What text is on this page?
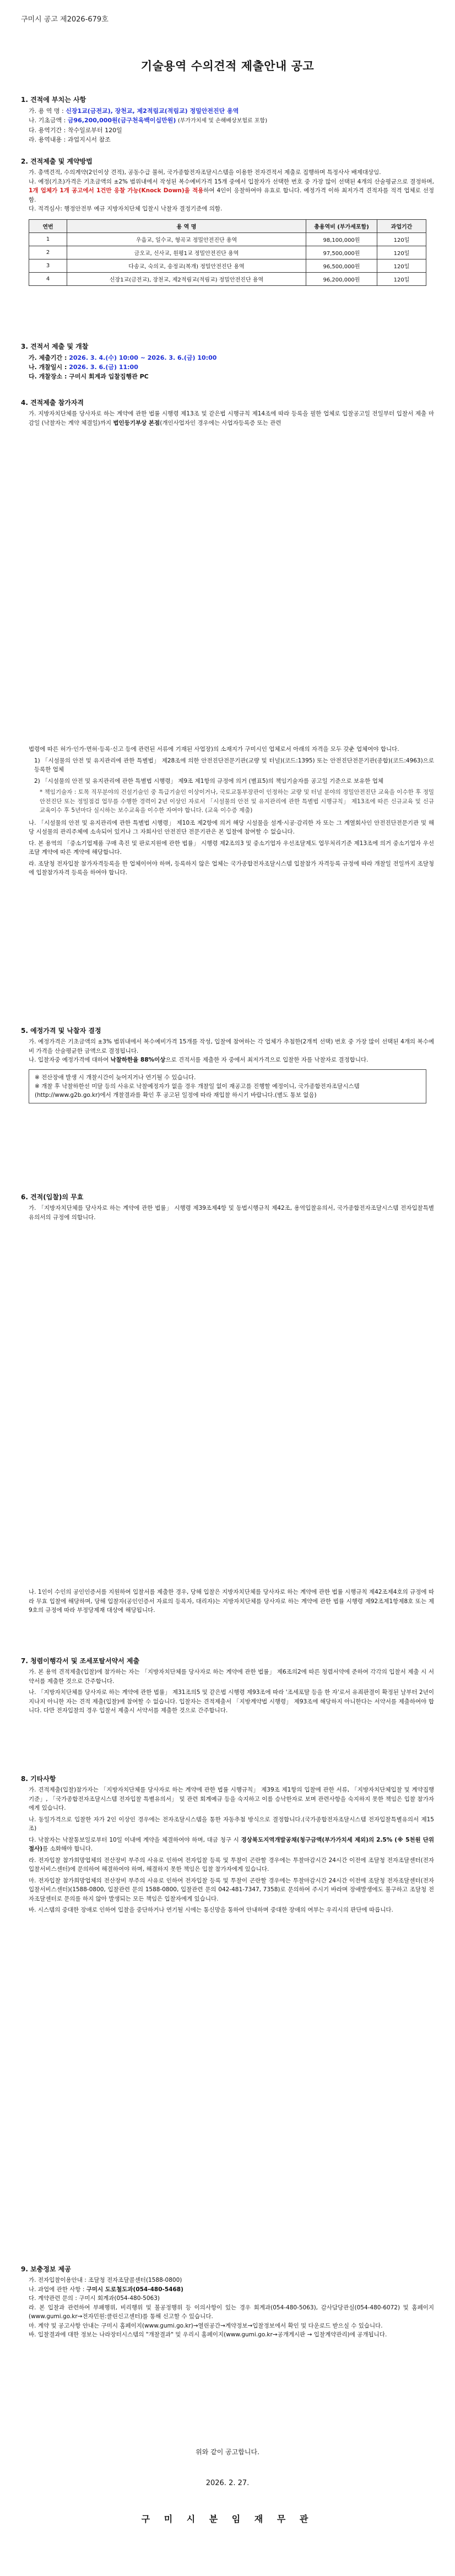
구미시 공고 제2026-679호
기술용역 수의견적 제출안내 공고
1. 견적에 부치는 사항
가. 용 역 명 : 신장1교(금전교), 장천교, 제2적림교(적림교) 정밀안전진단 용역
나. 기초금액 : 금96,200,000원(금구천육백이십만원) (부가가치세 및 손해배상보험료 포함)
다. 용역기간 : 착수일로부터 120일
라. 용역내용 : 과업지시서 참조
2. 견적제출 및 계약방법
가. 총액견적, 수의계약(2인이상 견적), 공동수급 불허, 국가종합전자조달시스템을 이용한 전자견적서 제출로 집행하며 특정사사 배제대상임.
나. 예정(기초)가격은 기초금액의 ±2% 범위내에서 작성된 복수예비가격 15개 중에서 입찰자가 선택한 번호 중 가장 많이 선택된 4개의 산술평균으로 결정하며, 1개 업체가 1개 공고에서 1건만 응찰 가능(Knock Down)을 적용하여 4인이 응찰하여야 유효로 합니다. 예정가격 이하 최저가격 견적자를 적격 업체로 선정함.
다. 적격심사: 행정안전부 예규 지방자치단체 입찰시 낙찰자 결정기준에 의함.
연번	용 역 명	총용역비 (부가세포함)	과업기간
1	우읍교, 일수교, 형곡교 정밀안전진단 용역	98,100,000원	120일
2	금오교, 신사교, 원평1교 정밀안전진단 용역	97,500,000원	120일
3	다송교, 숙의교, 송정교(복개) 정밀안전진단 용역	96,500,000원	120일
4	신장1교(금전교), 장천교, 제2적림교(적림교) 정밀안전진단 용역	96,200,000원	120일
3. 견적서 제출 및 개찰
가. 제출기간 : 2026. 3. 4.(수) 10:00 ~ 2026. 3. 6.(금) 10:00
나. 개찰일시 : 2026. 3. 6.(금) 11:00
다. 개찰장소 : 구미시 회계과 입찰집행관 PC
4. 견적제출 참가자격
가. 지방자치단체를 당사자로 하는 계약에 관한 법률 시행령 제13조 및 같은법 시행규칙 제14조에 따라 등록을 필한 업체로 입찰공고일 전일부터 입찰서 제출 마감일 (낙찰자는 계약 체결일)까지 법인등기부상 본점(개인사업자인 경우에는 사업자등록증 또는 관련
법령에 따른 허가·인가·면허·등록·신고 등에 관련된 서류에 기재된 사업장)의 소재지가 구미시인 업체로서 아래의 자격을 모두 갖춘 업체여야 합니다.
1) 「시설물의 안전 및 유지관리에 관한 특별법」 제28조에 의한 안전진단전문기관(교량 및 터널)(코드:1395) 또는 안전진단전문기관(종합)(코드:4963)으로 등록한 업체
2) 「시설물의 안전 및 유지관리에 관한 특별법 시행령」 제9조 제1항의 규정에 의거 (별표5)의 책임기술자를 공고일 기준으로 보유한 업체
* 책임기술자 : 토목 직무분야의 건설기술인 중 특급기술인 이상이거나, 국토교통부장관이 인정하는 교량 및 터널 분야의 정밀안전진단 교육을 이수한 후 정밀안전진단 또는 정밀점검 업무를 수행한 경력이 2년 이상인 자로서 「시설물의 안전 및 유지관리에 관한 특별법 시행규칙」 제13조에 따른 신규교육 및 신규교육이수 후 5년마다 실시하는 보수교육을 이수한 자여야 합니다. (교육 이수증 제출)
나. 「시설물의 안전 및 유지관리에 관한 특별법 시행령」 제10조 제2항에 의거 해당 시설물을 설계·시공·감리한 자 또는 그 계열회사인 안전진단전문기관 및 해당 시설물의 관리주체에 소속되어 있거나 그 자회사인 안전진단 전문기관은 본 입찰에 참여할 수 없습니다.
다. 본 용역의 「중소기업제품 구매 촉진 및 판로지원에 관한 법률」 시행령 제2조의3 및 중소기업자 우선조달제도 업무처리기준 제13조에 의거 중소기업자 우선조달 계약에 따른 계약에 해당합니다.
라. 조달청 전자입찰 참가자격등록을 한 업체이어야 하며, 등록하지 않은 업체는 국가종합전자조달시스템 입찰참가 자격등록 규정에 따라 개찰일 전일까지 조달청에 입찰참가자격 등록을 하여야 합니다.
5. 예정가격 및 낙찰자 결정
가. 예정가격은 기초금액의 ±3% 범위내에서 복수예비가격 15개를 작성, 입찰에 참여하는 각 업체가 추첨한(2개씩 선택) 번호 중 가장 많이 선택된 4개의 복수예비 가격을 산술평균한 금액으로 결정됩니다.
나. 입찰자중 예정가격에 대하여 낙찰하한율 88%이상으로 견적서를 제출한 자 중에서 최저가격으로 입찰한 자를 낙찰자로 결정합니다.
※ 전산장애 발생 시 개찰시간이 늦어지거나 연기될 수 있습니다.
※ 개찰 후 낙찰하한선 미달 등의 사유로 낙찰예정자가 없을 경우 개찰일 없이 재공고를 진행할 예정이니, 국가종합전자조달시스템(http://www.g2b.go.kr)에서 개찰결과를 확인 후 공고된 일정에 따라 재입찰 하시기 바랍니다.(별도 통보 없음)
6. 견적(입찰)의 무효
가. 「지방자치단체를 당사자로 하는 계약에 관한 법률」 시행령 제39조제4항 및 동법시행규칙 제42조, 용역입찰유의서, 국가종합전자조달시스템 전자입찰특별유의서의 규정에 의합니다.
나. 1인이 수인의 공인인증서를 지원하여 입찰서를 제출한 경우, 당해 입찰은 지방자치단체를 당사자로 하는 계약에 관한 법률 시행규칙 제42조제4호의 규정에 따라 무효 입찰에 해당하며, 당해 입찰자(공인인증서 자료의 등록자, 대리자)는 지방자치단체를 당사자로 하는 계약에 관한 법률 시행령 제92조제1항제8호 또는 제9호의 규정에 따라 부정당제재 대상에 해당됩니다.
7. 청렴이행각서 및 조세포탈서약서 제출
가. 본 용역 견적제출(입찰)에 참가하는 자는 「지방자치단체를 당사자로 하는 계약에 관한 법률」 제6조의2에 따른 청렴서약에 준하여 각각의 입찰서 제출 시 서약서를 제출한 것으로 간주합니다.
나. 「지방자치단체를 당사자로 하는 계약에 관한 법률」 제31조의5 및 같은법 시행령 제93조에 따라 '조세포탈 등을 한 자'로서 유죄판결이 확정된 날부터 2년이 지나지 아니한 자는 견적 제출(입찰)에 참여할 수 없습니다. 입찰자는 견적제출서 「지방계약법 시행령」 제93조에 해당하지 아니한다는 서약서를 제출하여야 합니다. 다만 전자입찰의 경우 입찰서 제출시 서약서를 제출한 것으로 간주합니다.
8. 기타사항
가. 견적제출(입찰)참가자는 「지방자치단체를 당사자로 하는 계약에 관한 법률 시행규칙」 제39조 제1항의 입찰에 관한 서류, 「지방자치단체입찰 및 계약집행기준」, 「국가종합전자조달시스템 전자입찰 특별유의서」 및 관련 회계예규 등을 숙지하고 이를 승낙한자로 보며 관련사항을 숙지하지 못한 책임은 입찰 참가자에게 있습니다.
나. 동일가격으로 입찰한 자가 2인 이상인 경우에는 전자조달시스템을 통한 자동추첨 방식으로 결정합니다.(국가종합전자조달시스템 전자입찰특별유의서 제15조)
다. 낙찰자는 낙찰통보일로부터 10일 이내에 계약을 체결하여야 하며, 대금 청구 시 경상북도지역개발공채(청구금액(부가가치세 제외)의 2.5% (※ 5천원 단위 절사)를 소화해야 합니다.
라. 전자입찰 참가희망업체의 전산장비 부주의 사유로 인하여 전자입찰 등록 및 투찰이 곤란할 경우에는 투찰마감시간 24시간 이전에 조달청 전자조달센터(전자입찰서비스센터)에 문의하여 해결하여야 하며, 해결하지 못한 책임은 입찰 참가자에게 있습니다.
마. 전자입찰 참가희망업체의 전산장비 부주의 사유로 인하여 전자입찰 등록 및 투찰이 곤란할 경우에는 투찰마감시간 24시간 이전에 조달청 전자조달센터(전자입찰서비스센터)(1588-0800, 입찰관련 문의 1588-0800, 입찰관련 문의 042-481-7347, 7358)로 문의하여 주시기 바라며 장애발생에도 불구하고 조달청 전자조달센터로 문의를 하지 않아 발생되는 모든 책임은 입찰자에게 있습니다.
바. 시스템의 중대한 장애로 인하여 입찰을 중단하거나 연기될 시에는 통신망을 통하여 안내하며 중대한 장애의 여부는 우리시의 판단에 따릅니다.
9. 보충정보 제공
가. 전자입찰이용안내 : 조달청 전자조달콜센터(1588-0800)
나. 과업에 관한 사항 : 구미시 도로철도과(054-480-5468)
다. 계약관련 문의 : 구미시 회계과(054-480-5063)
라. 본 입찰과 관련하여 부패행위, 비리행위 및 불공정행위 등 이의사항이 있는 경우 회계과(054-480-5063), 감사담당관실(054-480-6072) 및 홈페이지(www.gumi.go.kr→전자민원:클린신고센터)를 통해 신고할 수 있습니다.
마. 계약 및 공고사항 안내는 구미시 홈페이지(www.gumi.go.kr)→열린공간→계약정보→입찰정보에서 확인 및 다운로드 받으실 수 있습니다.
바. 입찰결과에 대한 정보는 나라장터시스템의 "개찰결과" 및 우리시 홈페이지(www.gumi.go.kr→공개게시판 → 입찰계약관리)에 공개됩니다.
위와 같이 공고합니다.
2026. 2. 27.
구 미 시 분 임 재 무 관
